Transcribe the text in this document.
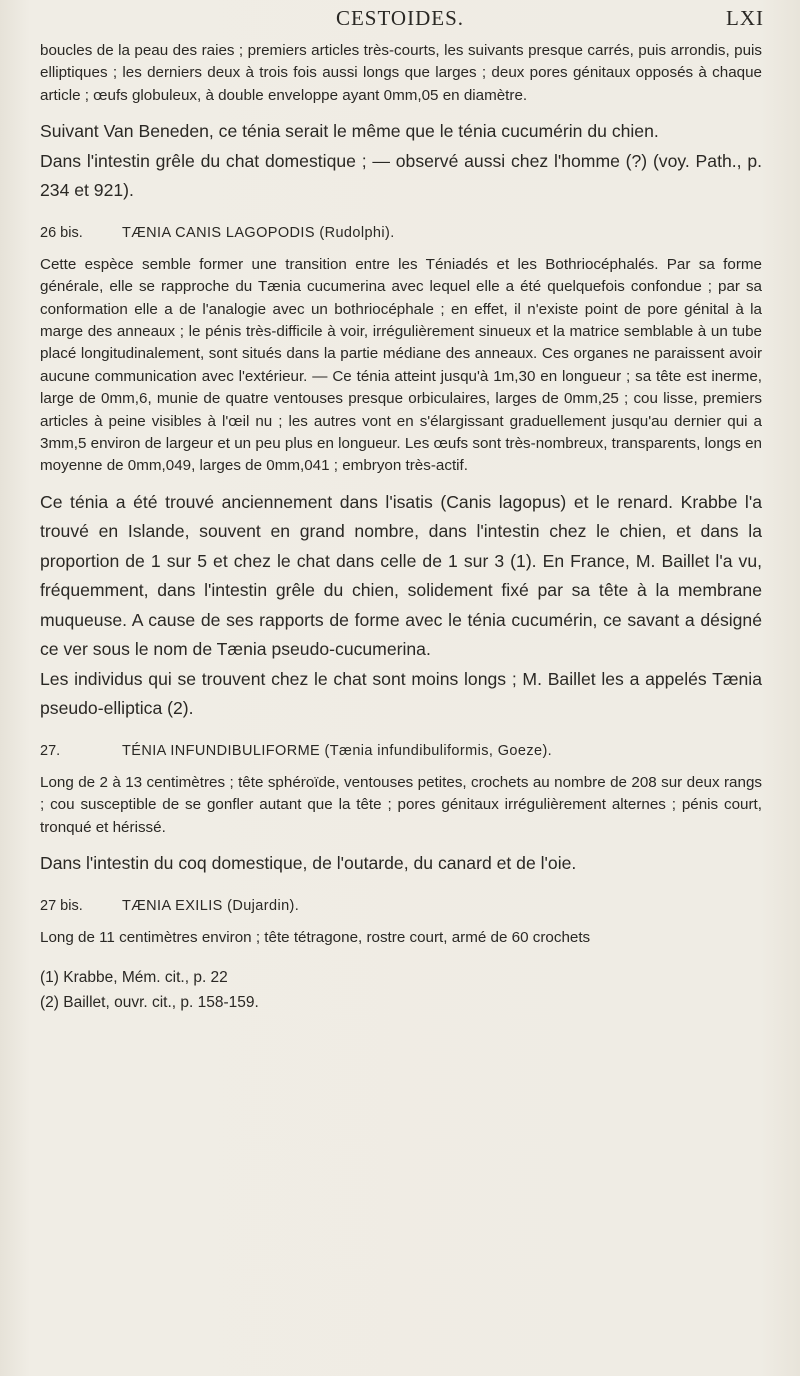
CESTOIDES.	LXI

boucles de la peau des raies ; premiers articles très-courts, les suivants presque carrés, puis arrondis, puis elliptiques ; les derniers deux à trois fois aussi longs que larges ; deux pores génitaux opposés à chaque article ; œufs globuleux, à double enveloppe ayant 0mm,05 en diamètre.

Suivant Van Beneden, ce ténia serait le même que le ténia cucumérin du chien.

Dans l'intestin grêle du chat domestique ; — observé aussi chez l'homme (?) (voy. Path., p. 234 et 921).

26 bis.	TÆNIA CANIS LAGOPODIS (Rudolphi).

Cette espèce semble former une transition entre les Téniadés et les Bothriocéphalés. Par sa forme générale, elle se rapproche du Tænia cucumerina avec lequel elle a été quelquefois confondue ; par sa conformation elle a de l'analogie avec un bothriocéphale ; en effet, il n'existe point de pore génital à la marge des anneaux ; le pénis très-difficile à voir, irrégulièrement sinueux et la matrice semblable à un tube placé longitudinalement, sont situés dans la partie médiane des anneaux. Ces organes ne paraissent avoir aucune communication avec l'extérieur. — Ce ténia atteint jusqu'à 1m,30 en longueur ; sa tête est inerme, large de 0mm,6, munie de quatre ventouses presque orbiculaires, larges de 0mm,25 ; cou lisse, premiers articles à peine visibles à l'œil nu ; les autres vont en s'élargissant graduellement jusqu'au dernier qui a 3mm,5 environ de largeur et un peu plus en longueur. Les œufs sont très-nombreux, transparents, longs en moyenne de 0mm,049, larges de 0mm,041 ; embryon très-actif.

Ce ténia a été trouvé anciennement dans l'isatis (Canis lagopus) et le renard. Krabbe l'a trouvé en Islande, souvent en grand nombre, dans l'intestin chez le chien, et dans la proportion de 1 sur 5 et chez le chat dans celle de 1 sur 3 (1). En France, M. Baillet l'a vu, fréquemment, dans l'intestin grêle du chien, solidement fixé par sa tête à la membrane muqueuse. A cause de ses rapports de forme avec le ténia cucumérin, ce savant a désigné ce ver sous le nom de Tænia pseudo-cucumerina.

Les individus qui se trouvent chez le chat sont moins longs ; M. Baillet les a appelés Tænia pseudo-elliptica (2).

27.	TÉNIA INFUNDIBULIFORME (Tænia infundibuliformis, Goeze).

Long de 2 à 13 centimètres ; tête sphéroïde, ventouses petites, crochets au nombre de 208 sur deux rangs ; cou susceptible de se gonfler autant que la tête ; pores génitaux irrégulièrement alternes ; pénis court, tronqué et hérissé.

Dans l'intestin du coq domestique, de l'outarde, du canard et de l'oie.

27 bis.	TÆNIA EXILIS (Dujardin).

Long de 11 centimètres environ ; tête tétragone, rostre court, armé de 60 crochets

(1) Krabbe, Mém. cit., p. 22
(2) Baillet, ouvr. cit., p. 158-159.
